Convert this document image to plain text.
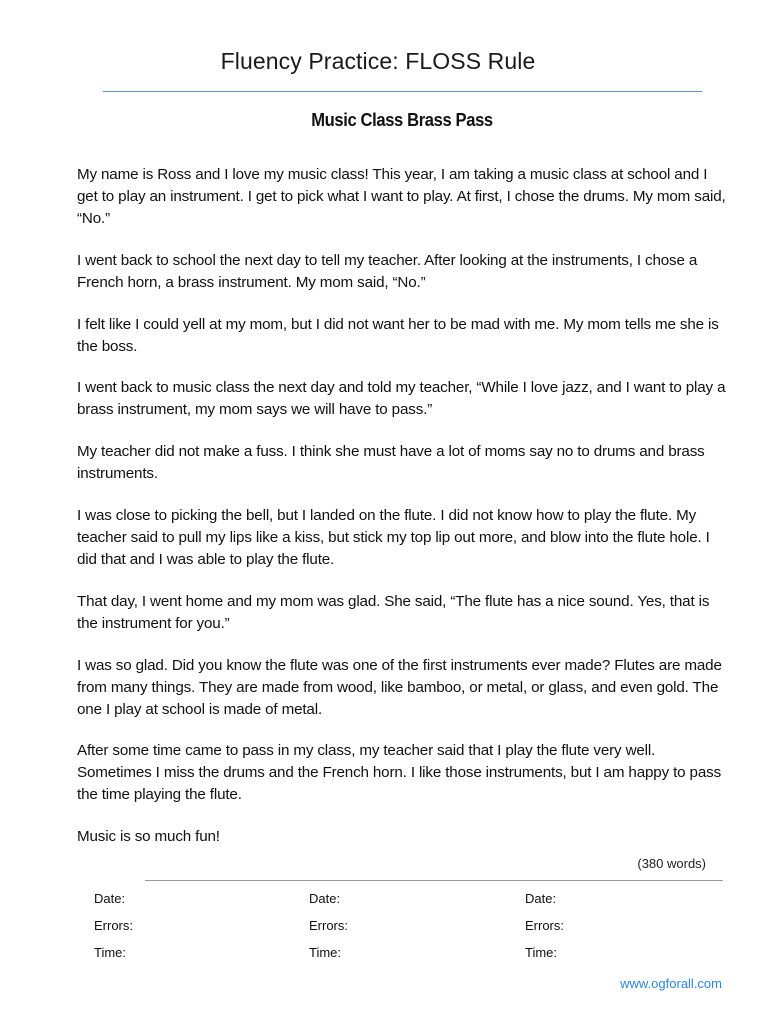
Fluency Practice: FLOSS Rule
Music Class Brass Pass

My name is Ross and I love my music class! This year, I am taking a music class at school and I get to play an instrument. I get to pick what I want to play. At first, I chose the drums. My mom said, “No.”

I went back to school the next day to tell my teacher. After looking at the instruments, I chose a French horn, a brass instrument. My mom said, “No.”

I felt like I could yell at my mom, but I did not want her to be mad with me. My mom tells me she is the boss.

I went back to music class the next day and told my teacher, “While I love jazz, and I want to play a brass instrument, my mom says we will have to pass.”

My teacher did not make a fuss. I think she must have a lot of moms say no to drums and brass instruments.

I was close to picking the bell, but I landed on the flute. I did not know how to play the flute. My teacher said to pull my lips like a kiss, but stick my top lip out more, and blow into the flute hole. I did that and I was able to play the flute.

That day, I went home and my mom was glad. She said, “The flute has a nice sound. Yes, that is the instrument for you.”

I was so glad. Did you know the flute was one of the first instruments ever made? Flutes are made from many things. They are made from wood, like bamboo, or metal, or glass, and even gold. The one I play at school is made of metal.

After some time came to pass in my class, my teacher said that I play the flute very well. Sometimes I miss the drums and the French horn. I like those instruments, but I am happy to pass the time playing the flute.

Music is so much fun!

(380 words)
Date:
Errors:
Time:
Date:
Errors:
Time:
Date:
Errors:
Time:
www.ogforall.com
